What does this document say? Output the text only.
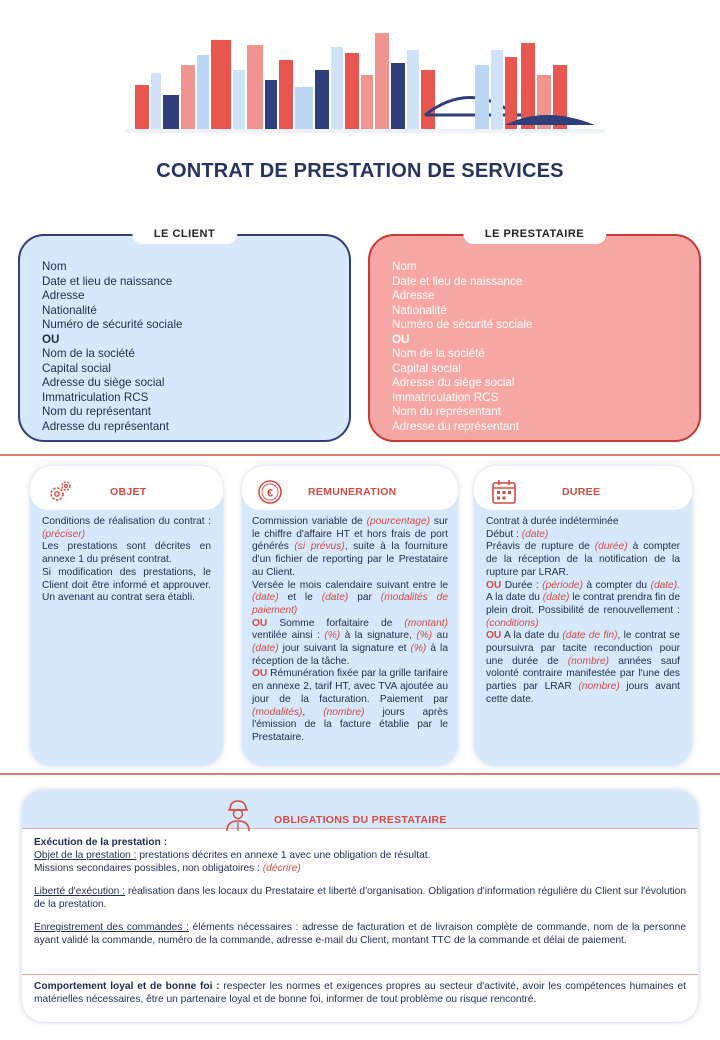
CONTRAT DE PRESTATION DE SERVICES
LE CLIENT
Nom
Date et lieu de naissance
Adresse
Nationalité
Numéro de sécurité sociale
OU
Nom de la société
Capital social
Adresse du siège social
Immatriculation RCS
Nom du représentant
Adresse du représentant
LE PRESTATAIRE
Nom
Date et lieu de naissance
Adresse
Nationalité
Numéro de sécurité sociale
OU
Nom de la société
Capital social
Adresse du siège social
Immatriculation RCS
Nom du représentant
Adresse du représentant
OBJET

Conditions de réalisation du contrat : (préciser)

Les prestations sont décrites en annexe 1 du présent contrat.

Si modification des prestations, le Client doit être informé et approuver. Un avenant au contrat sera établi.

€	REMUNERATION

Commission variable de (pourcentage) sur le chiffre d'affaire HT et hors frais de port générés (si prévus), suite à la fourniture d'un fichier de reporting par le Prestataire au Client.

Versée le mois calendaire suivant entre le (date) et le (date) par (modalités de paiement)

OU Somme forfaitaire de (montant) ventilée ainsi : (%) à la signature, (%) au (date) jour suivant la signature et (%) à la réception de la tâche.

OU Rémunération fixée par la grille tarifaire en annexe 2, tarif HT, avec TVA ajoutée au jour de la facturation. Paiement par (modalités), (nombre) jours après l'émission de la facture établie par le Prestataire.

DUREE

Contrat à durée indéterminée

Début : (date)

Préavis de rupture de (durée) à compter de la réception de la notification de la rupture par LRAR.

OU Durée : (période) à compter du (date). A la date du (date) le contrat prendra fin de plein droit. Possibilité de renouvellement : (conditions)

OU A la date du (date de fin), le contrat se poursuivra par tacite reconduction pour une durée de (nombre) années sauf volonté contraire manifestée par l'une des parties par LRAR (nombre) jours avant cette date.

OBLIGATIONS DU PRESTATAIRE

Exécution de la prestation :

Objet de la prestation : prestations décrites en annexe 1 avec une obligation de résultat.

Missions secondaires possibles, non obligatoires : (décrire)

Liberté d'exécution : réalisation dans les locaux du Prestataire et liberté d'organisation. Obligation d'information régulière du Client sur l'évolution de la prestation.

Enregistrement des commandes : éléments nécessaires : adresse de facturation et de livraison complète de commande, nom de la personne ayant validé la commande, numéro de la commande, adresse e-mail du Client, montant TTC de la commande et délai de paiement.

Comportement loyal et de bonne foi : respecter les normes et exigences propres au secteur d'activité, avoir les compétences humaines et matérielles nécessaires, être un partenaire loyal et de bonne foi, informer de tout problème ou risque rencontré.
